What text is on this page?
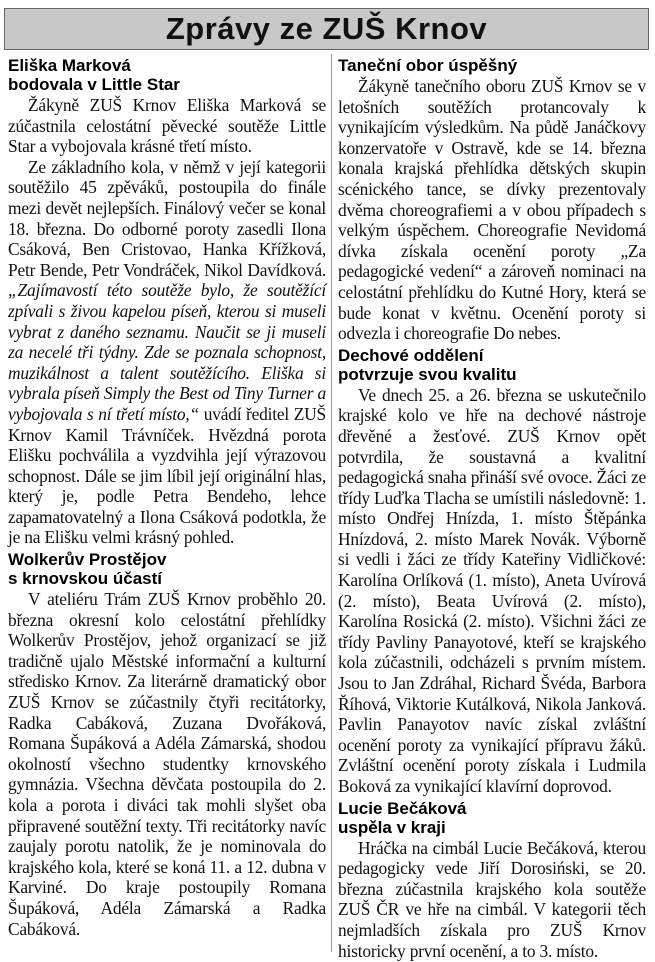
Zprávy ze ZUŠ Krnov
Eliška Marková
bodovala v Little Star

Žákyně ZUŠ Krnov Eliška Marková se zúčastnila celostátní pěvecké soutěže Little Star a vybojovala krásné třetí místo.

Ze základního kola, v němž v její kategorii soutěžilo 45 zpěváků, postoupila do finále mezi devět nejlepších. Finálový večer se konal 18. března. Do odborné poroty zasedli Ilona Csáková, Ben Cristovao, Hanka Křížková, Petr Bende, Petr Vondráček, Nikol Davídková. „Zajímavostí této soutěže bylo, že soutěžící zpívali s živou kapelou píseň, kterou si museli vybrat z daného seznamu. Naučit se ji museli za necelé tři týdny. Zde se poznala schopnost, muzikálnost a talent soutěžícího. Eliška si vybrala píseň Simply the Best od Tiny Turner a vybojovala s ní třetí místo,“ uvádí ředitel ZUŠ Krnov Kamil Trávníček. Hvězdná porota Elišku pochválila a vyzdvihla její výrazovou schopnost. Dále se jim líbil její originální hlas, který je, podle Petra Bendeho, lehce zapamatovatelný a Ilona Csáková podotkla, že je na Elišku velmi krásný pohled.

Wolkerův Prostějov
s krnovskou účastí

V ateliéru Trám ZUŠ Krnov proběhlo 20. března okresní kolo celostátní přehlídky Wolkerův Prostějov, jehož organizací se již tradičně ujalo Městské informační a kulturní středisko Krnov. Za literárně dramatický obor ZUŠ Krnov se zúčastnily čtyři recitátorky, Radka Cabáková, Zuzana Dvořáková, Romana Šupáková a Adéla Zámarská, shodou okolností všechno studentky krnovského gymnázia. Všechna děvčata postoupila do 2. kola a porota i diváci tak mohli slyšet oba připravené soutěžní texty. Tři recitátorky navíc zaujaly porotu natolik, že je nominovala do krajského kola, které se koná 11. a 12. dubna v Karviné. Do kraje postoupily Romana Šupáková, Adéla Zámarská a Radka Cabáková.

Taneční obor úspěšný

Žákyně tanečního oboru ZUŠ Krnov se v letošních soutěžích protancovaly k vynikajícím výsledkům. Na půdě Janáčkovy konzervatoře v Ostravě, kde se 14. března konala krajská přehlídka dětských skupin scénického tance, se dívky prezentovaly dvěma choreografiemi a v obou případech s velkým úspěchem. Choreografie Nevidomá dívka získala ocenění poroty „Za pedagogické vedení“ a zároveň nominaci na celostátní přehlídku do Kutné Hory, která se bude konat v květnu. Ocenění poroty si odvezla i choreografie Do nebes.

Dechové oddělení
potvrzuje svou kvalitu

Ve dnech 25. a 26. března se uskutečnilo krajské kolo ve hře na dechové nástroje dřevěné a žesťové. ZUŠ Krnov opět potvrdila, že soustavná a kvalitní pedagogická snaha přináší své ovoce. Žáci ze třídy Luďka Tlacha se umístili následovně: 1. místo Ondřej Hnízda, 1. místo Štěpánka Hnízdová, 2. místo Marek Novák. Výborně si vedli i žáci ze třídy Kateřiny Vidličkové: Karolína Orlíková (1. místo), Aneta Uvírová (2. místo), Beata Uvírová (2. místo), Karolína Rosická (2. místo). Všichni žáci ze třídy Pavliny Panayotové, kteří se krajského kola zúčastnili, odcházeli s prvním místem. Jsou to Jan Zdráhal, Richard Švéda, Barbora Říhová, Viktorie Kutálková, Nikola Janková. Pavlin Panayotov navíc získal zvláštní ocenění poroty za vynikající přípravu žáků. Zvláštní ocenění poroty získala i Ludmila Boková za vynikající klavírní doprovod.

Lucie Bečáková
uspěla v kraji

Hráčka na cimbál Lucie Bečáková, kterou pedagogicky vede Jiří Dorosiński, se 20. března zúčastnila krajského kola soutěže ZUŠ ČR ve hře na cimbál. V kategorii těch nejmladších získala pro ZUŠ Krnov historicky první ocenění, a to 3. místo.
